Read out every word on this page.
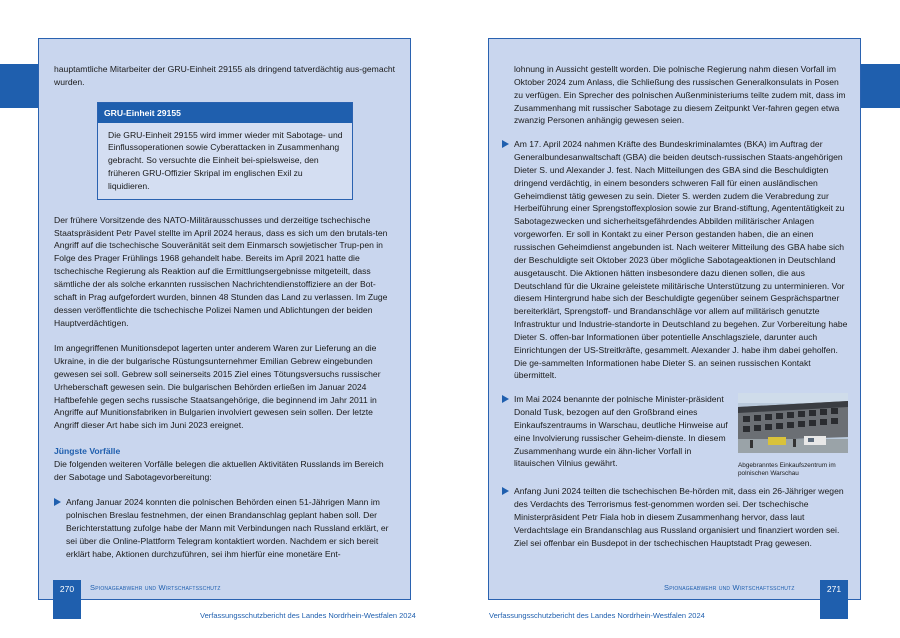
hauptamtliche Mitarbeiter der GRU-Einheit 29155 als dringend tatverdächtig aus-gemacht wurden.

GRU-Einheit 29155

Die GRU-Einheit 29155 wird immer wieder mit Sabotage- und Einflussoperationen sowie Cyberattacken in Zusammenhang gebracht. So versuchte die Einheit bei-spielsweise, den früheren GRU-Offizier Skripal im englischen Exil zu liquidieren.

Der frühere Vorsitzende des NATO-Militärausschusses und derzeitige tschechische Staatspräsident Petr Pavel stellte im April 2024 heraus, dass es sich um den brutals-ten Angriff auf die tschechische Souveränität seit dem Einmarsch sowjetischer Trup-pen in Folge des Prager Frühlings 1968 gehandelt habe. Bereits im April 2021 hatte die tschechische Regierung als Reaktion auf die Ermittlungsergebnisse mitgeteilt, dass sämtliche der als solche erkannten russischen Nachrichtendienstoffiziere an der Bot-schaft in Prag aufgefordert wurden, binnen 48 Stunden das Land zu verlassen. Im Zuge dessen veröffentlichte die tschechische Polizei Namen und Ablichtungen der beiden Hauptverdächtigen.

Im angegriffenen Munitionsdepot lagerten unter anderem Waren zur Lieferung an die Ukraine, in die der bulgarische Rüstungsunternehmer Emilian Gebrew eingebunden gewesen sei soll. Gebrew soll seinerseits 2015 Ziel eines Tötungsversuchs russischer Urheberschaft gewesen sein. Die bulgarischen Behörden erließen im Januar 2024 Haftbefehle gegen sechs russische Staatsangehörige, die beginnend im Jahr 2011 in Angriffe auf Munitionsfabriken in Bulgarien involviert gewesen sein sollen. Der letzte Angriff dieser Art habe sich im Juni 2023 ereignet.

Jüngste Vorfälle

Die folgenden weiteren Vorfälle belegen die aktuellen Aktivitäten Russlands im Bereich der Sabotage und Sabotagevorbereitung:

Anfang Januar 2024 konnten die polnischen Behörden einen 51-Jährigen Mann im polnischen Breslau festnehmen, der einen Brandanschlag geplant haben soll. Der Berichterstattung zufolge habe der Mann mit Verbindungen nach Russland erklärt, er sei über die Online-Plattform Telegram kontaktiert worden. Nachdem er sich bereit erklärt habe, Aktionen durchzuführen, sei ihm hierfür eine monetäre Ent-

lohnung in Aussicht gestellt worden. Die polnische Regierung nahm diesen Vorfall im Oktober 2024 zum Anlass, die Schließung des russischen Generalkonsulats in Posen zu verfügen. Ein Sprecher des polnischen Außenministeriums teilte zudem mit, dass im Zusammenhang mit russischer Sabotage zu diesem Zeitpunkt Ver-fahren gegen etwa zwanzig Personen anhängig gewesen seien.

Am 17. April 2024 nahmen Kräfte des Bundeskriminalamtes (BKA) im Auftrag der Generalbundesanwaltschaft (GBA) die beiden deutsch-russischen Staats-angehörigen Dieter S. und Alexander J. fest. Nach Mitteilungen des GBA sind die Beschuldigten dringend verdächtig, in einem besonders schweren Fall für einen ausländischen Geheimdienst tätig gewesen zu sein. Dieter S. werden zudem die Verabredung zur Herbeiführung einer Sprengstoffexplosion sowie zur Brand-stiftung, Agententätigkeit zu Sabotagezwecken und sicherheitsgefährdendes Abbilden militärischer Anlagen vorgeworfen. Er soll in Kontakt zu einer Person gestanden haben, die an einen russischen Geheimdienst angebunden ist. Nach weiterer Mitteilung des GBA habe sich der Beschuldigte seit Oktober 2023 über mögliche Sabotageaktionen in Deutschland ausgetauscht. Die Aktionen hätten insbesondere dazu dienen sollen, die aus Deutschland für die Ukraine geleistete militärische Unterstützung zu unterminieren. Vor diesem Hintergrund habe sich der Beschuldigte gegenüber seinem Gesprächspartner bereiterklärt, Sprengstoff- und Brandanschläge vor allem auf militärisch genutzte Infrastruktur und Industrie-standorte in Deutschland zu begehen. Zur Vorbereitung habe Dieter S. offen-bar Informationen über potentielle Anschlagsziele, darunter auch Einrichtungen der US-Streitkräfte, gesammelt. Alexander J. habe ihm dabei geholfen. Die ge-sammelten Informationen habe Dieter S. an seinen russischen Kontakt übermittelt.
Abgebranntes Einkaufszentrum im polnischen Warschau
Im Mai 2024 benannte der polnische Minister-präsident Donald Tusk, bezogen auf den Großbrand eines Einkaufszentraums in Warschau, deutliche Hinweise auf eine Involvierung russischer Geheim-dienste. In diesem Zusammenhang wurde ein ähn-licher Vorfall in litauischen Vilnius gewährt.
Anfang Juni 2024 teilten die tschechischen Be-hörden mit, dass ein 26-Jähriger wegen des Verdachts des Terrorismus fest-genommen worden sei. Der tschechische Ministerpräsident Petr Fiala hob in diesem Zusammenhang hervor, dass laut Verdachtslage ein Brandanschlag aus Russland organisiert und finanziert worden sei. Ziel sei offenbar ein Busdepot in der tschechischen Hauptstadt Prag gewesen.
270	Spionageabwehr und Wirtschaftsschutz	Spionageabwehr und Wirtschaftsschutz	271
Verfassungsschutzbericht des Landes Nordrhein-Westfalen 2024	Verfassungsschutzbericht des Landes Nordrhein-Westfalen 2024
